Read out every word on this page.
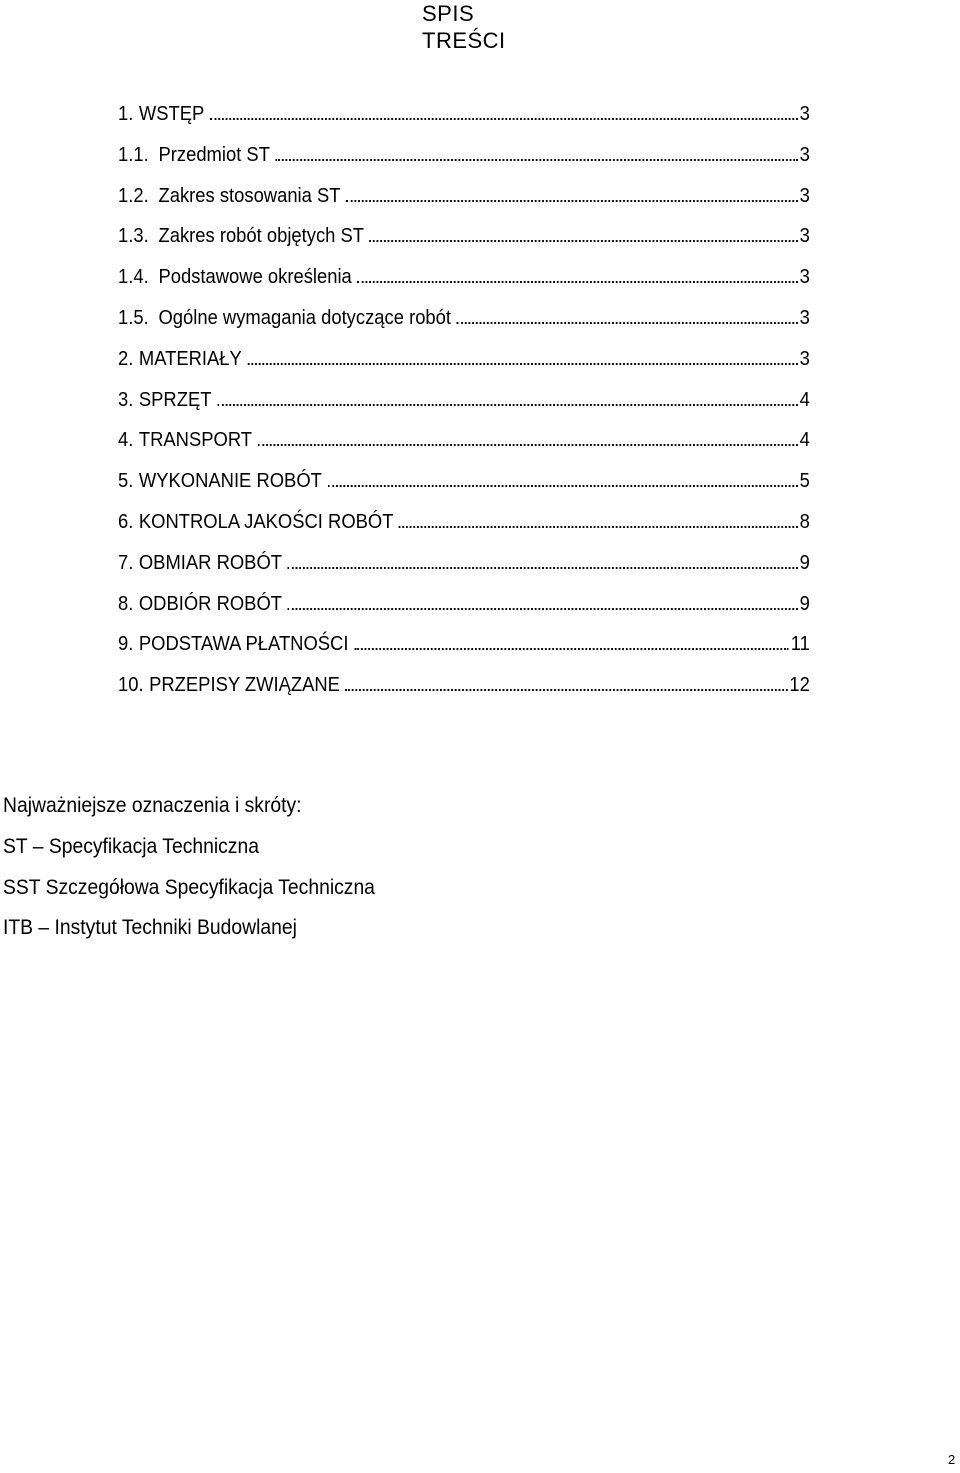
SPIS
TREŚCI
1. WSTĘP	3
1.1. Przedmiot ST	3
1.2. Zakres stosowania ST	3
1.3. Zakres robót objętych ST	3
1.4. Podstawowe określenia	3
1.5. Ogólne wymagania dotyczące robót	3
2. MATERIAŁY	3
3. SPRZĘT	4
4. TRANSPORT	4
5. WYKONANIE ROBÓT	5
6. KONTROLA JAKOŚCI ROBÓT	8
7. OBMIAR ROBÓT	9
8. ODBIÓR ROBÓT	9
9. PODSTAWA PŁATNOŚCI	11
10. PRZEPISY ZWIĄZANE	12
Najważniejsze oznaczenia i skróty:
ST – Specyfikacja Techniczna
SST Szczegółowa Specyfikacja Techniczna
ITB – Instytut Techniki Budowlanej
2
